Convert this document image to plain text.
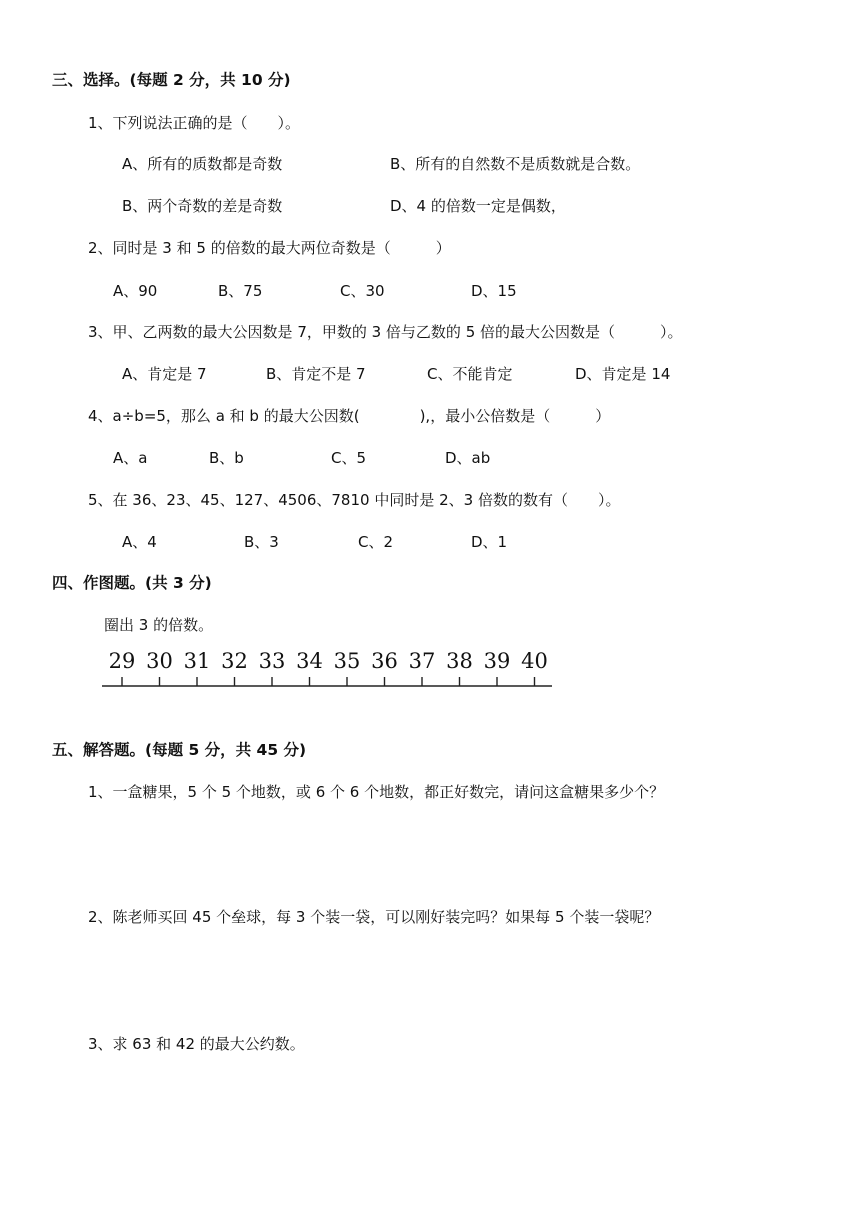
三、选择。(每题 2 分，共 10 分)
1、下列说法正确的是（　　）。
A、所有的质数都是奇数	B、所有的自然数不是质数就是合数。
B、两个奇数的差是奇数	D、4 的倍数一定是偶数，
2、同时是 3 和 5 的倍数的最大两位奇数是（　　　）
A、90	B、75	C、30	D、15
3、甲、乙两数的最大公因数是 7，甲数的 3 倍与乙数的 5 倍的最大公因数是（　　　）。
A、肯定是 7	B、肯定不是 7	C、不能肯定	D、肯定是 14
4、a÷b=5，那么 a 和 b 的最大公因数(　　　　),，最小公倍数是（　　　）
A、a	B、b	C、5	D、ab
5、在 36、23、45、127、4506、7810 中同时是 2、3 倍数的数有（　　）。
A、4	B、3	C、2	D、1
四、作图题。(共 3 分)
圈出 3 的倍数。
29 30 31 32 33 34 35 36 37 38 39 40
五、解答题。(每题 5 分，共 45 分)
1、一盒糖果，5 个 5 个地数，或 6 个 6 个地数，都正好数完，请问这盒糖果多少个？
2、陈老师买回 45 个垒球，每 3 个装一袋，可以刚好装完吗？如果每 5 个装一袋呢？
3、求 63 和 42 的最大公约数。
